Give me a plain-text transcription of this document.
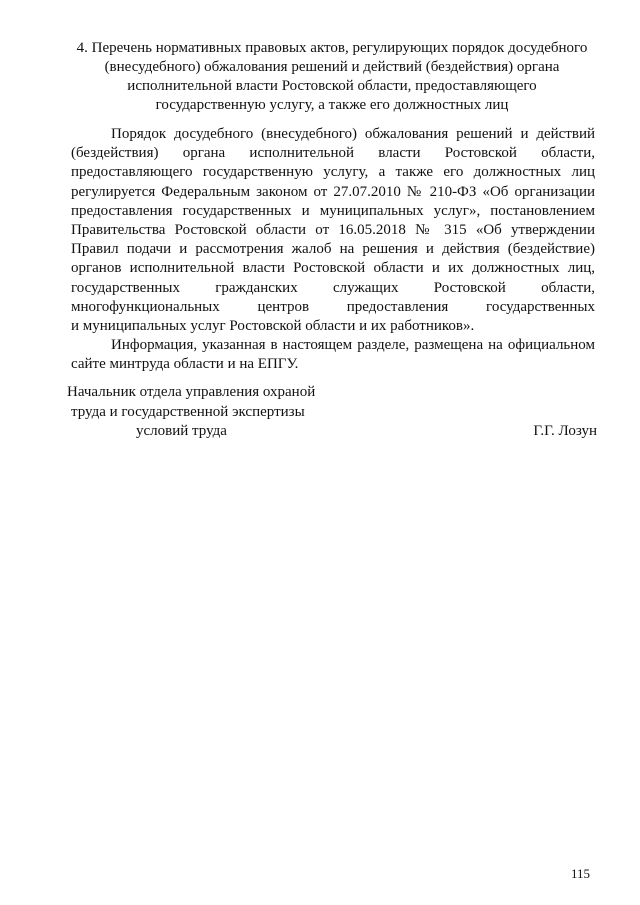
4. Перечень нормативных правовых актов, регулирующих порядок досудебного
(внесудебного) обжалования решений и действий (бездействия) органа
исполнительной власти Ростовской области, предоставляющего
государственную услугу, а также его должностных лиц

Порядок досудебного (внесудебного) обжалования решений и действий
(бездействия) органа исполнительной власти Ростовской области,
предоставляющего государственную услугу, а также его должностных лиц
регулируется Федеральным законом от 27.07.2010 № 210-ФЗ «Об организации
предоставления государственных и муниципальных услуг», постановлением
Правительства Ростовской области от 16.05.2018 № 315 «Об утверждении
Правил подачи и рассмотрения жалоб на решения и действия (бездействие)
органов исполнительной власти Ростовской области и их должностных лиц,
государственных гражданских служащих Ростовской области,
многофункциональных центров предоставления государственных
и муниципальных услуг Ростовской области и их работников».

Информация, указанная в настоящем разделе, размещена на официальном
сайте минтруда области и на ЕПГУ.

Начальник отдела управления охраной
труда и государственной экспертизы
условий труда	Г.Г. Лозун
115
